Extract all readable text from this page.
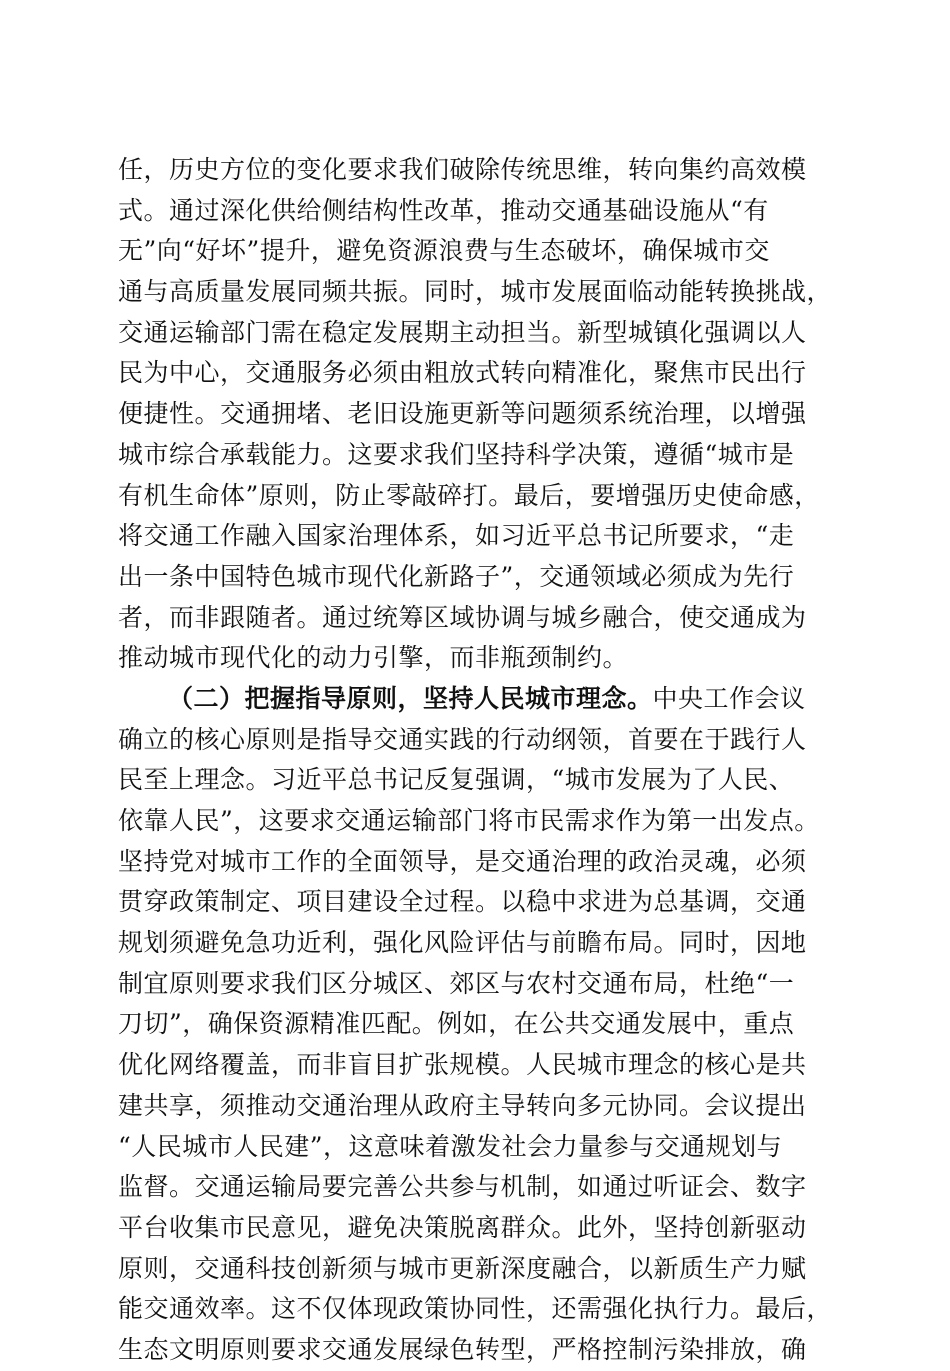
任，历史方位的变化要求我们破除传统思维，转向集约高效模
式。通过深化供给侧结构性改革，推动交通基础设施从“有
无”向“好坏”提升，避免资源浪费与生态破坏，确保城市交
通与高质量发展同频共振。同时，城市发展面临动能转换挑战，
交通运输部门需在稳定发展期主动担当。新型城镇化强调以人
民为中心，交通服务必须由粗放式转向精准化，聚焦市民出行
便捷性。交通拥堵、老旧设施更新等问题须系统治理，以增强
城市综合承载能力。这要求我们坚持科学决策，遵循“城市是
有机生命体”原则，防止零敲碎打。最后，要增强历史使命感，
将交通工作融入国家治理体系，如习近平总书记所要求，“走
出一条中国特色城市现代化新路子”，交通领域必须成为先行
者，而非跟随者。通过统筹区域协调与城乡融合，使交通成为
推动城市现代化的动力引擎，而非瓶颈制约。
（二）把握指导原则，坚持人民城市理念。中央工作会议
确立的核心原则是指导交通实践的行动纲领，首要在于践行人
民至上理念。习近平总书记反复强调，“城市发展为了人民、
依靠人民”，这要求交通运输部门将市民需求作为第一出发点。
坚持党对城市工作的全面领导，是交通治理的政治灵魂，必须
贯穿政策制定、项目建设全过程。以稳中求进为总基调，交通
规划须避免急功近利，强化风险评估与前瞻布局。同时，因地
制宜原则要求我们区分城区、郊区与农村交通布局，杜绝“一
刀切”，确保资源精准匹配。例如，在公共交通发展中，重点
优化网络覆盖，而非盲目扩张规模。人民城市理念的核心是共
建共享，须推动交通治理从政府主导转向多元协同。会议提出
“人民城市人民建”，这意味着激发社会力量参与交通规划与
监督。交通运输局要完善公共参与机制，如通过听证会、数字
平台收集市民意见，避免决策脱离群众。此外，坚持创新驱动
原则，交通科技创新须与城市更新深度融合，以新质生产力赋
能交通效率。这不仅体现政策协同性，还需强化执行力。最后，
生态文明原则要求交通发展绿色转型，严格控制污染排放，确
